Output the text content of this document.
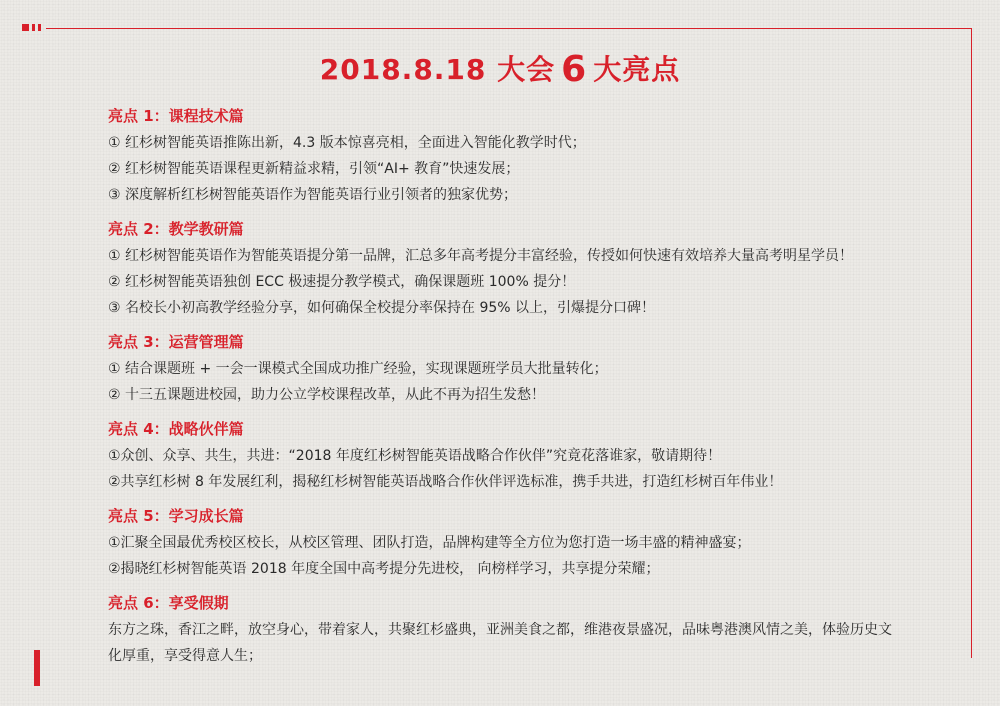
2018.8.18 大会 6 大亮点
亮点 1：课程技术篇
① 红杉树智能英语推陈出新，4.3 版本惊喜亮相，全面进入智能化教学时代；
② 红杉树智能英语课程更新精益求精，引领“AI+ 教育”快速发展；
③ 深度解析红杉树智能英语作为智能英语行业引领者的独家优势；
亮点 2：教学教研篇
① 红杉树智能英语作为智能英语提分第一品牌，汇总多年高考提分丰富经验，传授如何快速有效培养大量高考明星学员！
② 红杉树智能英语独创 ECC 极速提分教学模式，确保课题班 100% 提分！
③ 名校长小初高教学经验分享，如何确保全校提分率保持在 95% 以上，引爆提分口碑！
亮点 3：运营管理篇
① 结合课题班 + 一会一课模式全国成功推广经验，实现课题班学员大批量转化；
② 十三五课题进校园，助力公立学校课程改革，从此不再为招生发愁！
亮点 4：战略伙伴篇
①众创、众享、共生，共进：“2018 年度红杉树智能英语战略合作伙伴”究竟花落谁家，敬请期待！
②共享红杉树 8 年发展红利，揭秘红杉树智能英语战略合作伙伴评选标准，携手共进，打造红杉树百年伟业！
亮点 5：学习成长篇
①汇聚全国最优秀校区校长，从校区管理、团队打造，品牌构建等全方位为您打造一场丰盛的精神盛宴；
②揭晓红杉树智能英语 2018 年度全国中高考提分先进校， 向榜样学习，共享提分荣耀；
亮点 6：享受假期
东方之珠，香江之畔，放空身心，带着家人，共聚红杉盛典，亚洲美食之都，维港夜景盛况，品味粤港澳风情之美，体验历史文化厚重，享受得意人生；
